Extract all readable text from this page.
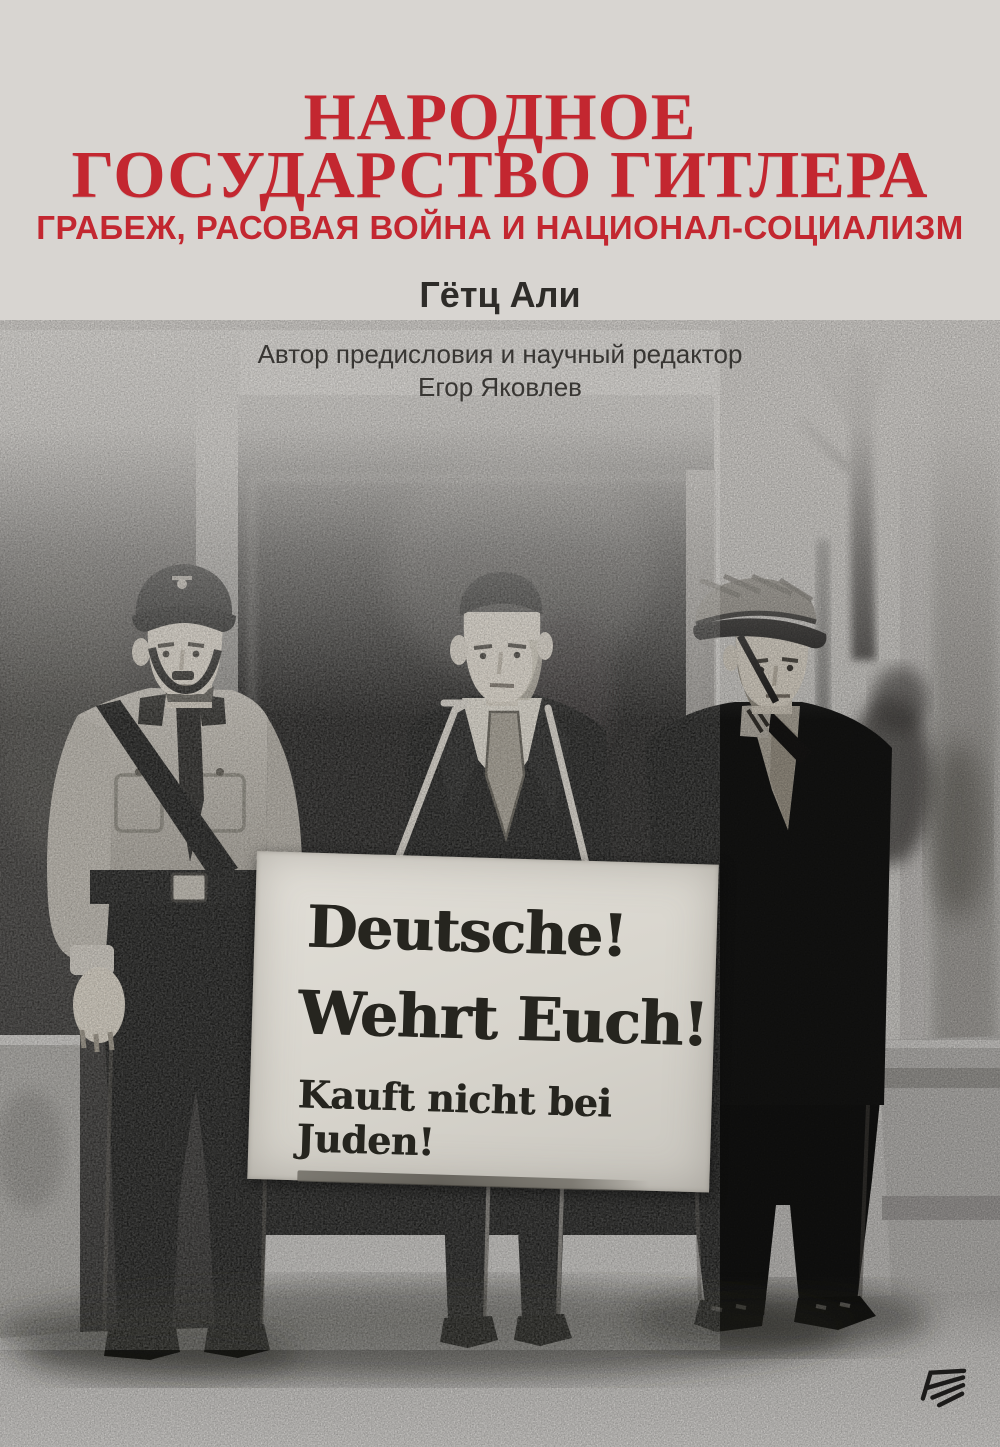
НАРОДНОЕ
ГОСУДАРСТВО ГИТЛЕРА
ГРАБЕЖ, РАСОВАЯ ВОЙНА И НАЦИОНАЛ-СОЦИАЛИЗМ
Гётц Али
Автор предисловия и научный редактор
Егор Яковлев
Deutsche!
Wehrt Euch!
Kauft nicht bei Juden!
